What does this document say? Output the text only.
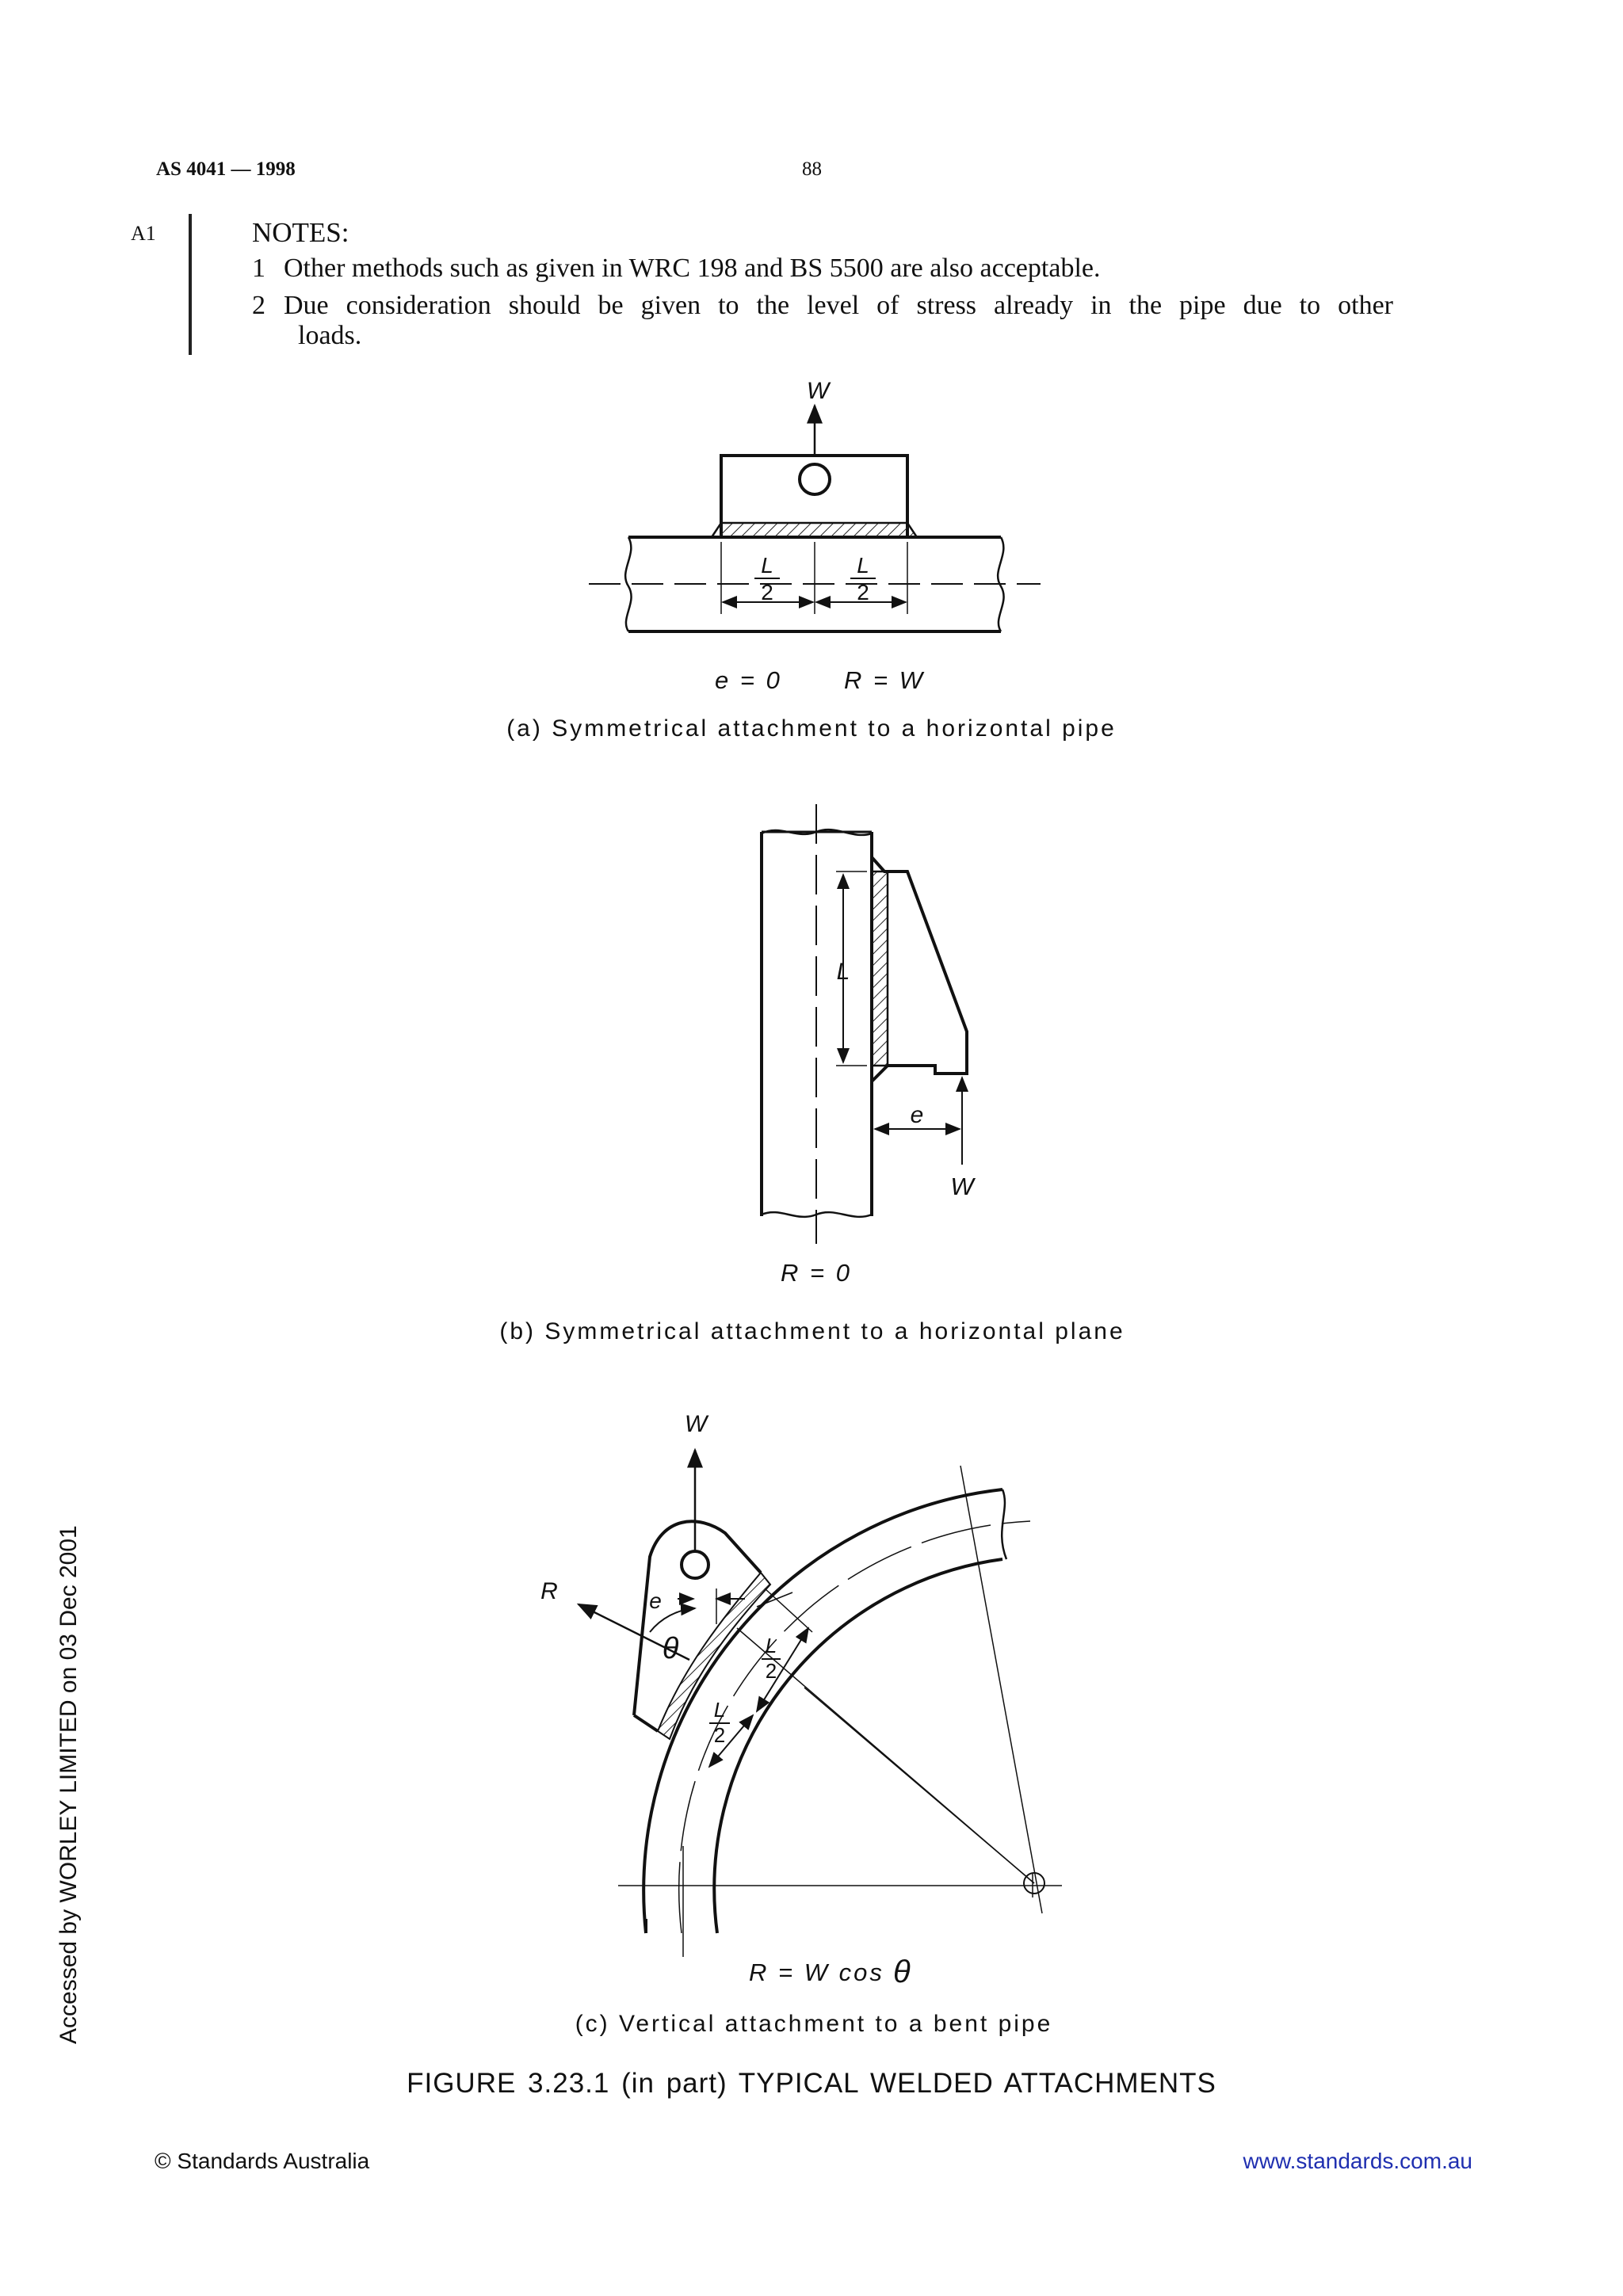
AS 4041 — 1998	88
A1	NOTES:
1 Other methods such as given in WRC 198 and BS 5500 are also acceptable.
2 Due consideration should be given to the level of stress already in the pipe due to other
loads.
W
L
2
L
2
e = 0	R = W
(a) Symmetrical attachment to a horizontal pipe
L
e
W
R = 0
(b) Symmetrical attachment to a horizontal plane
W
R	e
θ	L
2
L
2
R = W cos θ
(c) Vertical attachment to a bent pipe
FIGURE 3.23.1 (in part) TYPICAL WELDED ATTACHMENTS
© Standards Australia	www.standards.com.au
Accessed by WORLEY LIMITED on 03 Dec 2001
